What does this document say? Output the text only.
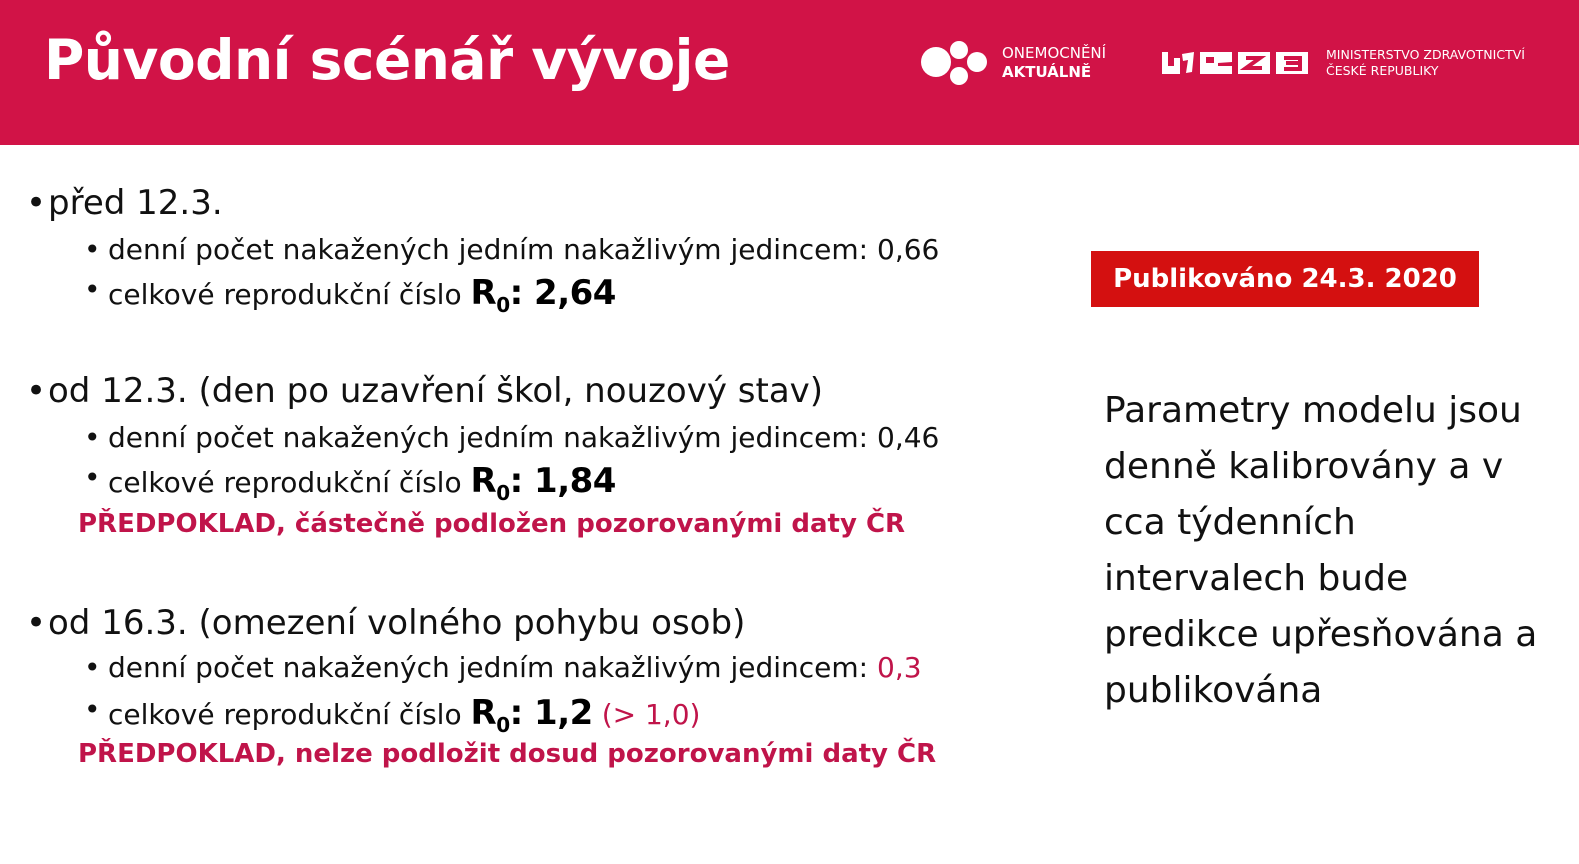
Původní scénář vývoje	ONEMOCNĚNÍ
AKTUÁLNĚ
MINISTERSTVO ZDRAVOTNICTVÍ
ČESKÉ REPUBLIKY
• před 12.3.
• denní počet nakažených jedním nakažlivým jedincem: 0,66
• celkové reprodukční číslo $R_0$: 2,64
• od 12.3. (den po uzavření škol, nouzový stav)
• denní počet nakažených jedním nakažlivým jedincem: 0,46
• celkové reprodukční číslo $R_0$: 1,84
PŘEDPOKLAD, částečně podložen pozorovanými daty ČR
• od 16.3. (omezení volného pohybu osob)
• denní počet nakažených jedním nakažlivým jedincem: 0,3
• celkové reprodukční číslo $R_0$: 1,2 (> 1,0)
PŘEDPOKLAD, nelze podložit dosud pozorovanými daty ČR
Publikováno 24.3. 2020
Parametry modelu jsou denně kalibrovány a v cca týdenních intervalech bude predikce upřesňována a publikována
